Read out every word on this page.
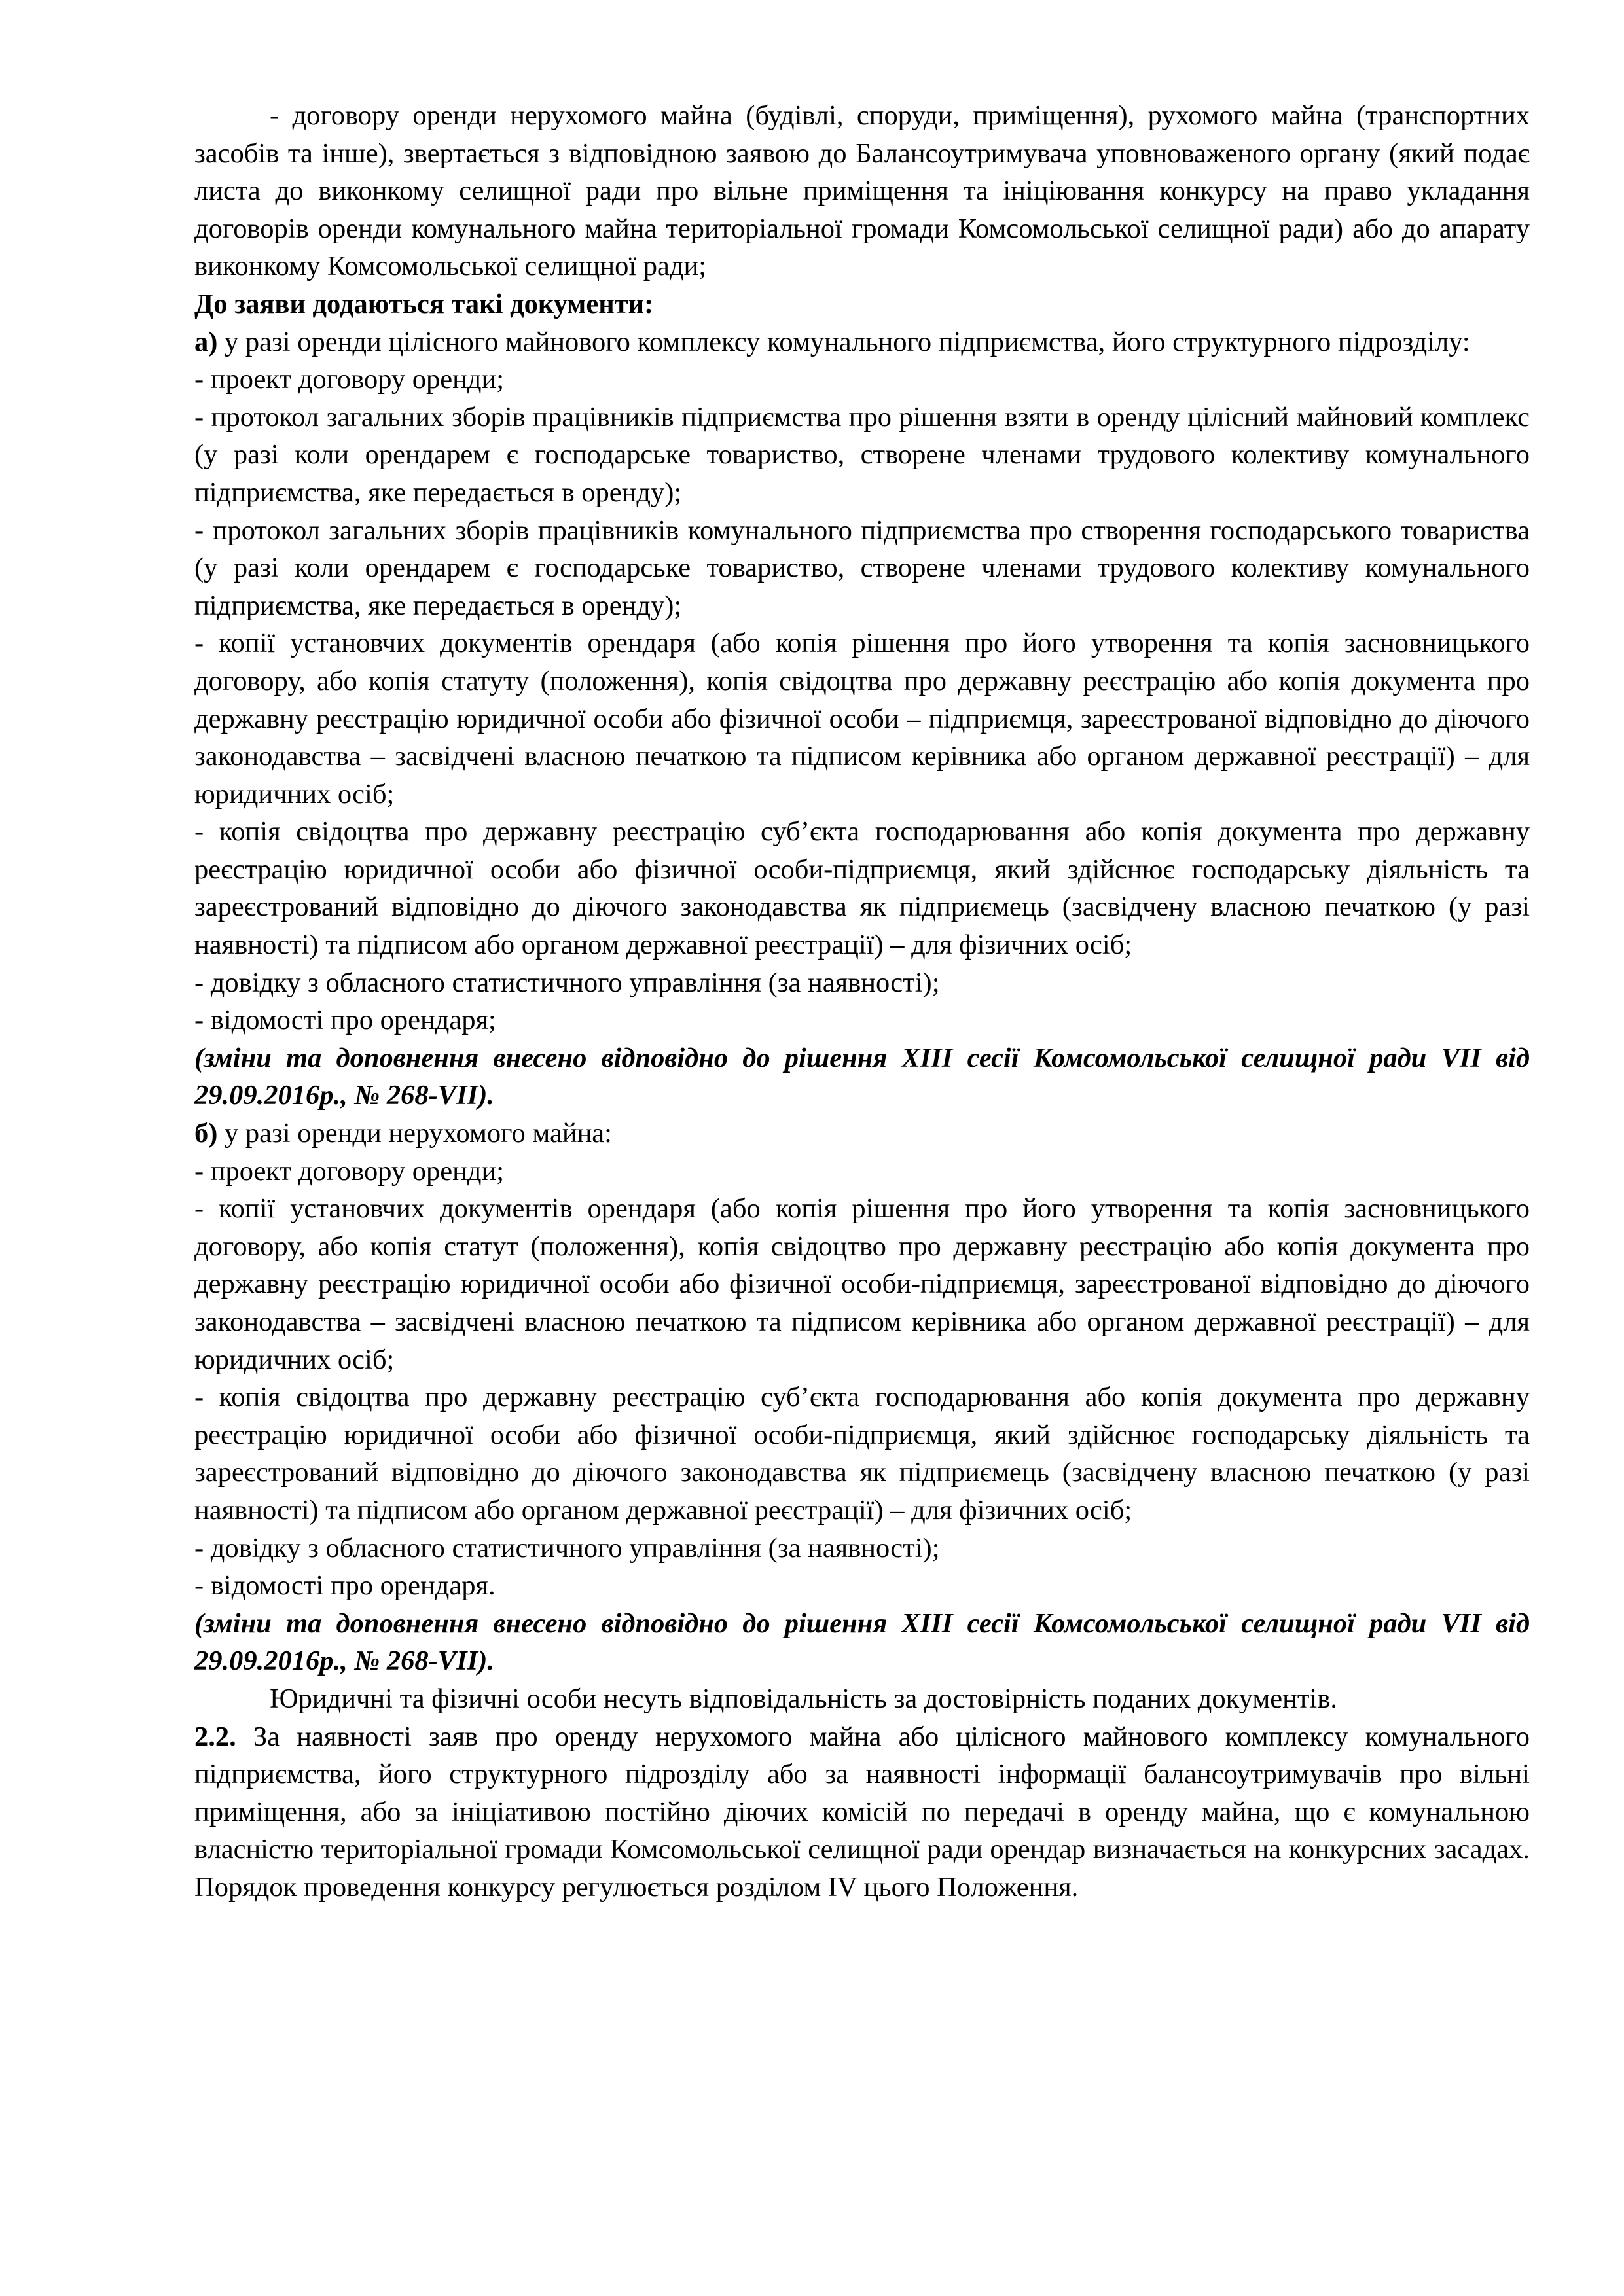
- договору оренди нерухомого майна (будівлі, споруди, приміщення), рухомого майна (транспортних засобів та інше), звертається з відповідною заявою до Балансоутримувача уповноваженого органу (який подає листа до виконкому селищної ради про вільне приміщення та ініціювання конкурсу на право укладання договорів оренди комунального майна територіальної громади Комсомольської селищної ради) або до апарату виконкому Комсомольської селищної ради;

До заяви додаються такі документи:

а) у разі оренди цілісного майнового комплексу комунального підприємства, його структурного підрозділу:

- проект договору оренди;

- протокол загальних зборів працівників підприємства про рішення взяти в оренду цілісний майновий комплекс (у разі коли орендарем є господарське товариство, створене членами трудового колективу комунального підприємства, яке передається в оренду);

- протокол загальних зборів працівників комунального підприємства про створення господарського товариства (у разі коли орендарем є господарське товариство, створене членами трудового колективу комунального підприємства, яке передається в оренду);

- копії установчих документів орендаря (або копія рішення про його утворення та копія засновницького договору, або копія статуту (положення), копія свідоцтва про державну реєстрацію або копія документа про державну реєстрацію юридичної особи або фізичної особи – підприємця, зареєстрованої відповідно до діючого законодавства – засвідчені власною печаткою та підписом керівника або органом державної реєстрації) – для юридичних осіб;

- копія свідоцтва про державну реєстрацію суб’єкта господарювання або копія документа про державну реєстрацію юридичної особи або фізичної особи-підприємця, який здійснює господарську діяльність та зареєстрований відповідно до діючого законодавства як підприємець (засвідчену власною печаткою (у разі наявності) та підписом або органом державної реєстрації) – для фізичних осіб;

- довідку з обласного статистичного управління (за наявності);

- відомості про орендаря;

(зміни та доповнення внесено відповідно до рішення ХІІІ сесії Комсомольської селищної ради VІІ від 29.09.2016р., № 268-VІІ).

б) у разі оренди нерухомого майна:

- проект договору оренди;

- копії установчих документів орендаря (або копія рішення про його утворення та копія засновницького договору, або копія статут (положення), копія свідоцтво про державну реєстрацію або копія документа про державну реєстрацію юридичної особи або фізичної особи-підприємця, зареєстрованої відповідно до діючого законодавства – засвідчені власною печаткою та підписом керівника або органом державної реєстрації) – для юридичних осіб;

- копія свідоцтва про державну реєстрацію суб’єкта господарювання або копія документа про державну реєстрацію юридичної особи або фізичної особи-підприємця, який здійснює господарську діяльність та зареєстрований відповідно до діючого законодавства як підприємець (засвідчену власною печаткою (у разі наявності) та підписом або органом державної реєстрації) – для фізичних осіб;

- довідку з обласного статистичного управління (за наявності);

- відомості про орендаря.

(зміни та доповнення внесено відповідно до рішення ХІІІ сесії Комсомольської селищної ради VІІ від 29.09.2016р., № 268-VІІ).

Юридичні та фізичні особи несуть відповідальність за достовірність поданих документів.

2.2. За наявності заяв про оренду нерухомого майна або цілісного майнового комплексу комунального підприємства, його структурного підрозділу або за наявності інформації балансоутримувачів про вільні приміщення, або за ініціативою постійно діючих комісій по передачі в оренду майна, що є комунальною власністю територіальної громади Комсомольської селищної ради орендар визначається на конкурсних засадах. Порядок проведення конкурсу регулюється розділом IV цього Положення.
